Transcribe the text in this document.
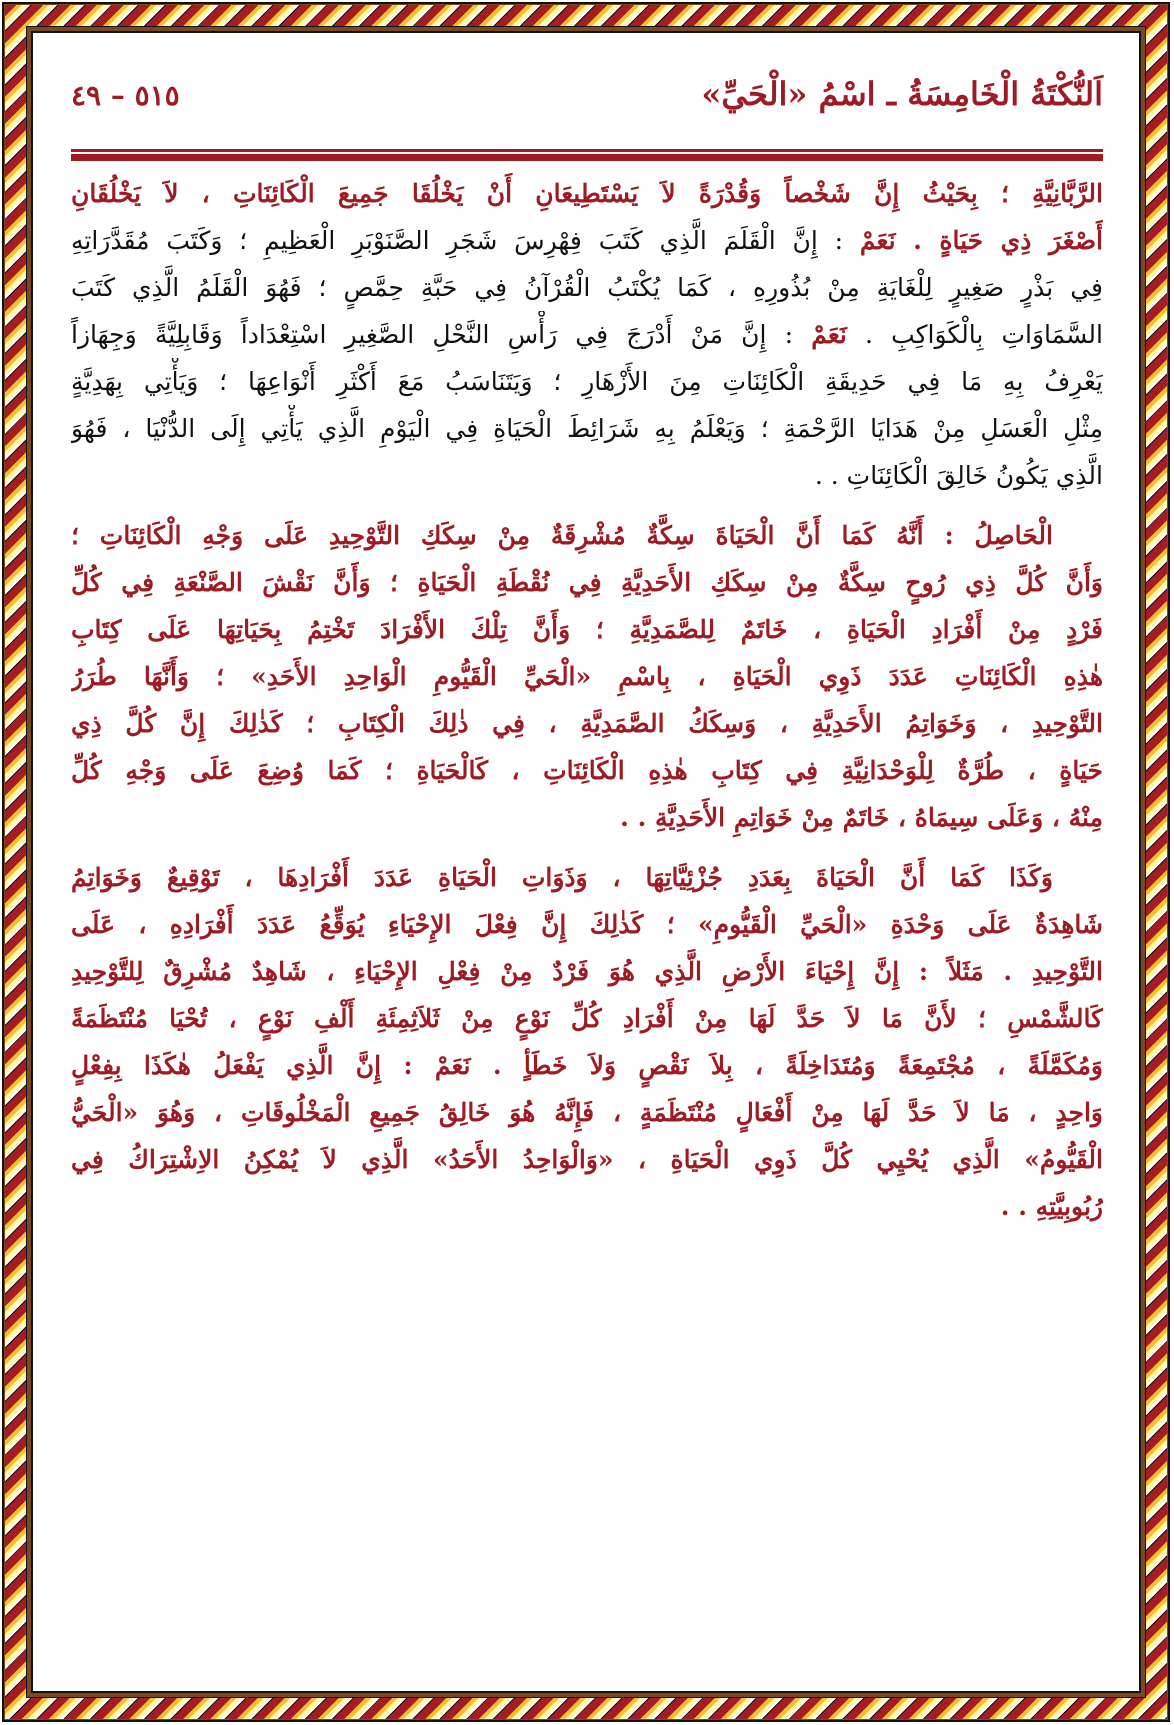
اَلنُّكْتَةُ الْخَامِسَةُ ـ اسْمُ «الْحَيِّ»
٥١٥ – ٤٩
الرَّبَّانِيَّةِ ؛ بِحَيْثُ إِنَّ شَخْصاً وَقُدْرَةً لاَ يَسْتَطِيعَانِ أَنْ يَخْلُقَا جَمِيعَ الْكَائِنَاتِ ، لاَ يَخْلُقَانِ
أَصْغَرَ ذِي حَيَاةٍ . نَعَمْ : إِنَّ الْقَلَمَ الَّذِي كَتَبَ فِهْرِسَ شَجَرِ الصَّنَوْبَرِ الْعَظِيمِ ؛ وَكَتَبَ مُقَدَّرَاتِهِ
فِي بَذْرٍ صَغِيرٍ لِلْغَايَةِ مِنْ بُذُورِهِ ، كَمَا يُكْتَبُ الْقُرْآنُ فِي حَبَّةِ حِمَّصٍ ؛ فَهُوَ الْقَلَمُ الَّذِي كَتَبَ
السَّمَاوَاتِ بِالْكَوَاكِبِ . نَعَمْ : إِنَّ مَنْ أَدْرَجَ فِي رَأْسِ النَّحْلِ الصَّغِيرِ اسْتِعْدَاداً وَقَابِلِيَّةً وَجِهَازاً
يَعْرِفُ بِهِ مَا فِي حَدِيقَةِ الْكَائِنَاتِ مِنَ الأَزْهَارِ ؛ وَيَتَنَاسَبُ مَعَ أَكْثَرِ أَنْوَاعِهَا ؛ وَيَأْتِي بِهَدِيَّةٍ
مِثْلِ الْعَسَلِ مِنْ هَدَايَا الرَّحْمَةِ ؛ وَيَعْلَمُ بِهِ شَرَائِطَ الْحَيَاةِ فِي الْيَوْمِ الَّذِي يَأْتِي إِلَى الدُّنْيَا ، فَهُوَ
الَّذِي يَكُونُ خَالِقَ الْكَائِنَاتِ . .
الْحَاصِلُ : أَنَّهُ كَمَا أَنَّ الْحَيَاةَ سِكَّةٌ مُشْرِقَةٌ مِنْ سِكَكِ التَّوْحِيدِ عَلَى وَجْهِ الْكَائِنَاتِ ؛
وَأَنَّ كُلَّ ذِي رُوحٍ سِكَّةٌ مِنْ سِكَكِ الأَحَدِيَّةِ فِي نُقْطَةِ الْحَيَاةِ ؛ وَأَنَّ نَقْشَ الصَّنْعَةِ فِي كُلِّ
فَرْدٍ مِنْ أَفْرَادِ الْحَيَاةِ ، خَاتَمٌ لِلصَّمَدِيَّةِ ؛ وَأَنَّ تِلْكَ الأَفْرَادَ تَخْتِمُ بِحَيَاتِهَا عَلَى كِتَابِ
هٰذِهِ الْكَائِنَاتِ عَدَدَ ذَوِي الْحَيَاةِ ، بِاسْمِ «الْحَيِّ الْقَيُّومِ الْوَاحِدِ الأَحَدِ» ؛ وَأَنَّهَا طُرَرُ
التَّوْحِيدِ ، وَخَوَاتِمُ الأَحَدِيَّةِ ، وَسِكَكُ الصَّمَدِيَّةِ ، فِي ذٰلِكَ الْكِتَابِ ؛ كَذٰلِكَ إِنَّ كُلَّ ذِي
حَيَاةٍ ، طُرَّةٌ لِلْوَحْدَانِيَّةِ فِي كِتَابِ هٰذِهِ الْكَائِنَاتِ ، كَالْحَيَاةِ ؛ كَمَا وُضِعَ عَلَى وَجْهِ كُلِّ
مِنْهُ ، وَعَلَى سِيمَاهُ ، خَاتَمٌ مِنْ خَوَاتِمِ الأَحَدِيَّةِ . .
وَكَذَا كَمَا أَنَّ الْحَيَاةَ بِعَدَدِ جُزْئِيَّاتِهَا ، وَذَوَاتِ الْحَيَاةِ عَدَدَ أَفْرَادِهَا ، تَوْقِيعٌ وَخَوَاتِمُ
شَاهِدَةٌ عَلَى وَحْدَةِ «الْحَيِّ الْقَيُّومِ» ؛ كَذٰلِكَ إِنَّ فِعْلَ الإِحْيَاءِ يُوَقِّعُ عَدَدَ أَفْرَادِهِ ، عَلَى
التَّوْحِيدِ . مَثَلاً : إِنَّ إِحْيَاءَ الأَرْضِ الَّذِي هُوَ فَرْدٌ مِنْ فِعْلِ الإِحْيَاءِ ، شَاهِدٌ مُشْرِقٌ لِلتَّوْحِيدِ
كَالشَّمْسِ ؛ لأَنَّ مَا لاَ حَدَّ لَهَا مِنْ أَفْرَادِ كُلِّ نَوْعٍ مِنْ ثَلاَثِمِئَةِ أَلْفِ نَوْعٍ ، تُحْيَا مُنْتَظَمَةً
وَمُكَمَّلَةً ، مُجْتَمِعَةً وَمُتَدَاخِلَةً ، بِلاَ نَقْصٍ وَلاَ خَطَأٍ . نَعَمْ : إِنَّ الَّذِي يَفْعَلُ هٰكَذَا بِفِعْلٍ
وَاحِدٍ ، مَا لاَ حَدَّ لَهَا مِنْ أَفْعَالٍ مُنْتَظَمَةٍ ، فَإِنَّهُ هُوَ خَالِقُ جَمِيعِ الْمَخْلُوقَاتِ ، وَهُوَ «الْحَيُّ
الْقَيُّومُ» الَّذِي يُحْيِي كُلَّ ذَوِي الْحَيَاةِ ، «وَالْوَاحِدُ الأَحَدُ» الَّذِي لاَ يُمْكِنُ الاِشْتِرَاكُ فِي
رُبُوبِيَّتِهِ . .
